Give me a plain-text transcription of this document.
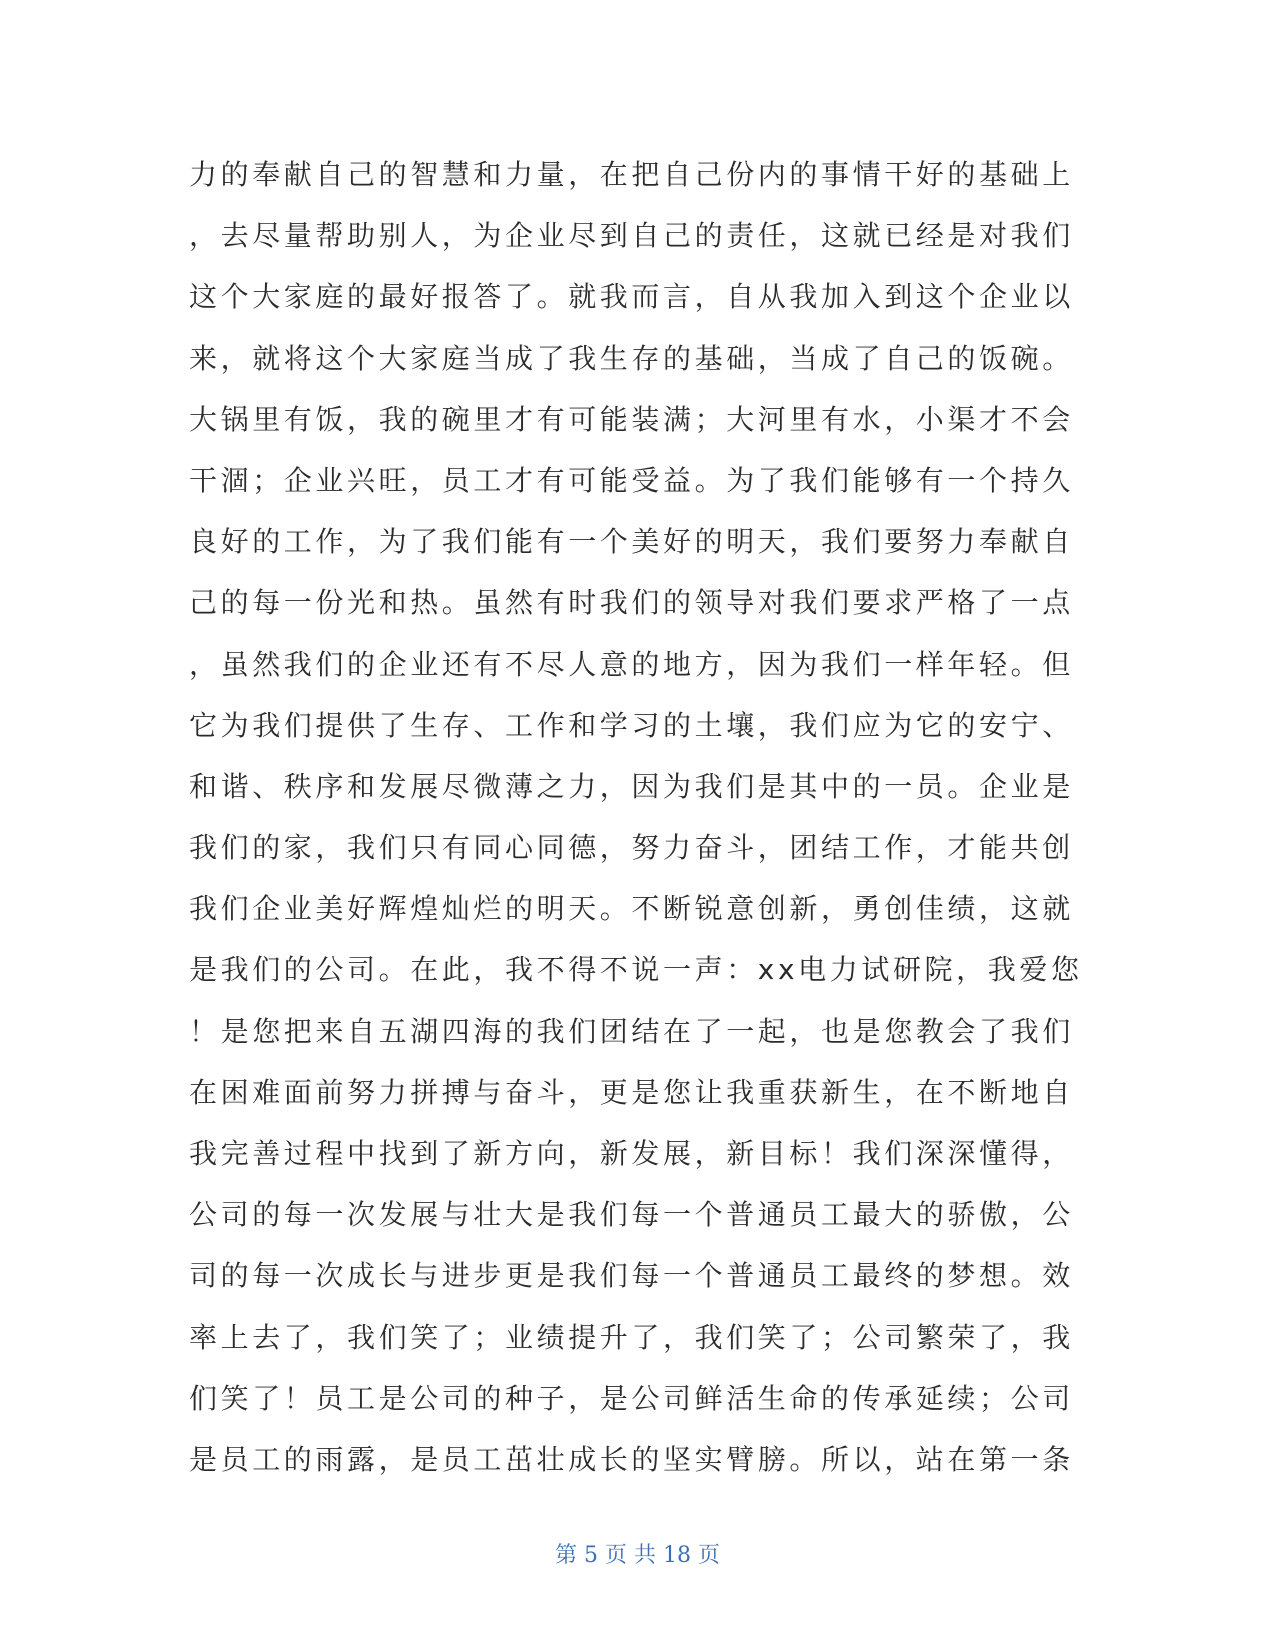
力的奉献自己的智慧和力量，在把自己份内的事情干好的基础上
，去尽量帮助别人，为企业尽到自己的责任，这就已经是对我们
这个大家庭的最好报答了。就我而言，自从我加入到这个企业以
来，就将这个大家庭当成了我生存的基础，当成了自己的饭碗。
大锅里有饭，我的碗里才有可能装满；大河里有水，小渠才不会
干涸；企业兴旺，员工才有可能受益。为了我们能够有一个持久
良好的工作，为了我们能有一个美好的明天，我们要努力奉献自
己的每一份光和热。虽然有时我们的领导对我们要求严格了一点
，虽然我们的企业还有不尽人意的地方，因为我们一样年轻。但
它为我们提供了生存、工作和学习的土壤，我们应为它的安宁、
和谐、秩序和发展尽微薄之力，因为我们是其中的一员。企业是
我们的家，我们只有同心同德，努力奋斗，团结工作，才能共创
我们企业美好辉煌灿烂的明天。不断锐意创新，勇创佳绩，这就
是我们的公司。在此，我不得不说一声：xx电力试研院，我爱您
！是您把来自五湖四海的我们团结在了一起，也是您教会了我们
在困难面前努力拼搏与奋斗，更是您让我重获新生，在不断地自
我完善过程中找到了新方向，新发展，新目标！我们深深懂得，
公司的每一次发展与壮大是我们每一个普通员工最大的骄傲，公
司的每一次成长与进步更是我们每一个普通员工最终的梦想。效
率上去了，我们笑了；业绩提升了，我们笑了；公司繁荣了，我
们笑了！员工是公司的种子，是公司鲜活生命的传承延续；公司
是员工的雨露，是员工茁壮成长的坚实臂膀。所以，站在第一条
第 5 页 共 18 页
